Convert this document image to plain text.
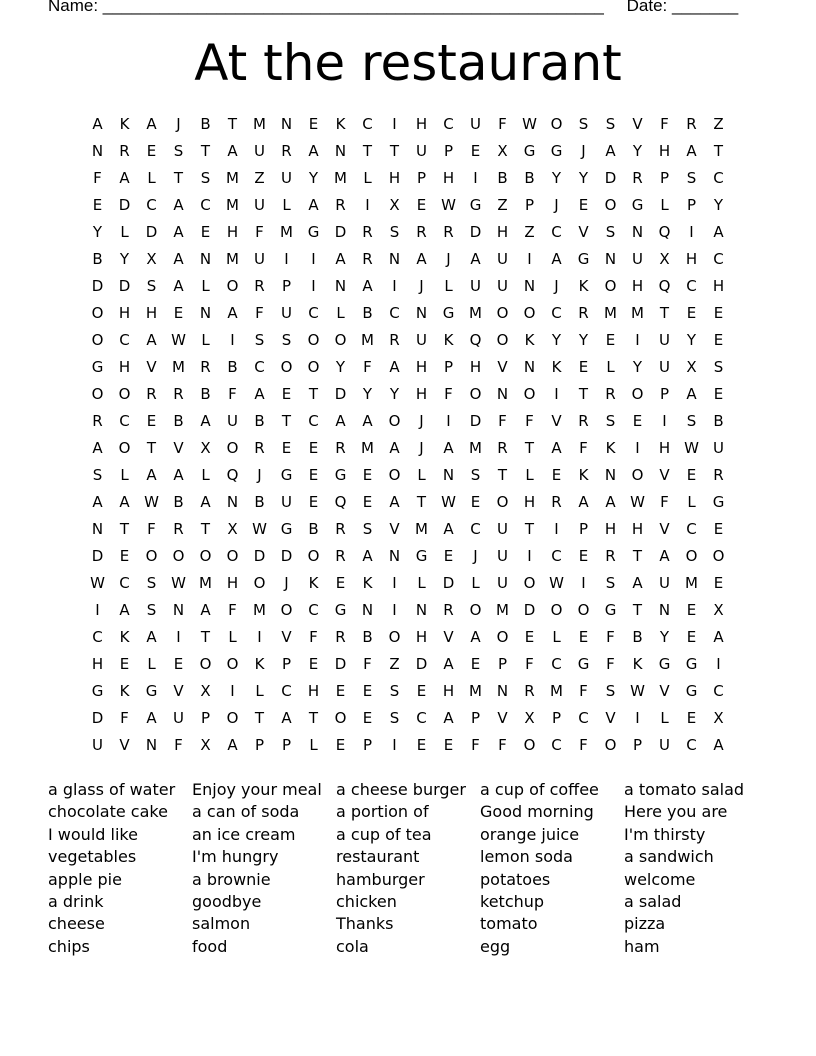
Name: _____________________________________________________ Date: _______
At the restaurant
A	K	A	J	B	T	M N	E	K	C	I	H	C	U	F	W O	S	S	V	F	R	Z
N	R	E	S	T	A	U	R	A	N	T	T	U	P	E	X	G	G	J	A	Y	H	A	T
F	A	L	T	S	M	Z	U	Y	M	L	H	P	H	I	B	B	Y	Y	D	R	P	S	C
E	D	C	A	C	M	U	L	A	R	I	X	E W G	Z	P	J	E	O	G	L	P	Y
Y	L	D	A	E	H	F	M G	D	R	S	R	R	D	H	Z	C	V	S	N	Q	I	A
B	Y	X	A	N M	U	I	I	A	R	N	A	J	A	U	I	A	G	N	U	X	H	C
D	D	S	A	L	O	R	P	I	N	A	I	J	L	U	U	N	J	K	O	H	Q	C	H
O	H	H	E	N	A	F	U	C	L	B	C	N	G M O	O	C	R	M M	T	E	E
O	C	A W	L	I	S	S	O	O M	R	U	K	Q	O	K	Y	Y	E	I	U	Y	E
G	H	V	M	R	B	C	O	O	Y	F	A	H	P	H	V	N	K	E	L	Y	U	X	S
O	O	R	R	B	F	A	E	T	D	Y	Y	H	F	O	N	O	I	T	R	O	P	A	E
R	C	E	B	A	U	B	T	C	A	A	O	J	I	D	F	F	V	R	S	E	I	S	B
A	O	T	V	X	O	R	E	E	R	M	A	J	A	M	R	T	A	F	K	I	H W U
S	L	A	A	L	Q	J	G	E	G	E	O	L	N	S	T	L	E	K	N	O	V	E	R
A	A W B	A	N	B	U	E	Q	E	A	T	W E	O	H	R	A	A W	F	L	G
N	T	F	R	T	X W G	B	R	S	V	M	A	C	U	T	I	P	H	H	V	C	E
D	E	O	O	O	O	D	D	O	R	A	N	G	E	J	U	I	C	E	R	T	A	O	O
W C	S W M H	O	J	K	E	K	I	L	D	L	U	O W	I	S	A	U	M	E
I	A	S	N	A	F	M O	C	G	N	I	N	R	O M D	O	O	G	T	N	E	X
C	K	A	I	T	L	I	V	F	R	B	O	H	V	A	O	E	L	E	F	B	Y	E	A
H	E	L	E	O	O	K	P	E	D	F	Z	D	A	E	P	F	C	G	F	K	G	G	I
G	K	G	V	X	I	L	C	H	E	E	S	E	H M N	R	M	F	S W V	G	C
D	F	A	U	P	O	T	A	T	O	E	S	C	A	P	V	X	P	C	V	I	L	E	X
U	V	N	F	X	A	P	P	L	E	P	I	E	E	F	F	O	C	F	O	P	U	C	A
a glass of water
chocolate cake
I would like
vegetables
apple pie
a drink
cheese
chips
Enjoy your meal
a can of soda
an ice cream
I'm hungry
a brownie
goodbye
salmon
food
a cheese burger
a portion of
a cup of tea
restaurant
hamburger
chicken
Thanks
cola
a cup of coffee
Good morning
orange juice
lemon soda
potatoes
ketchup
tomato
egg
a tomato salad
Here you are
I'm thirsty
a sandwich
welcome
a salad
pizza
ham
